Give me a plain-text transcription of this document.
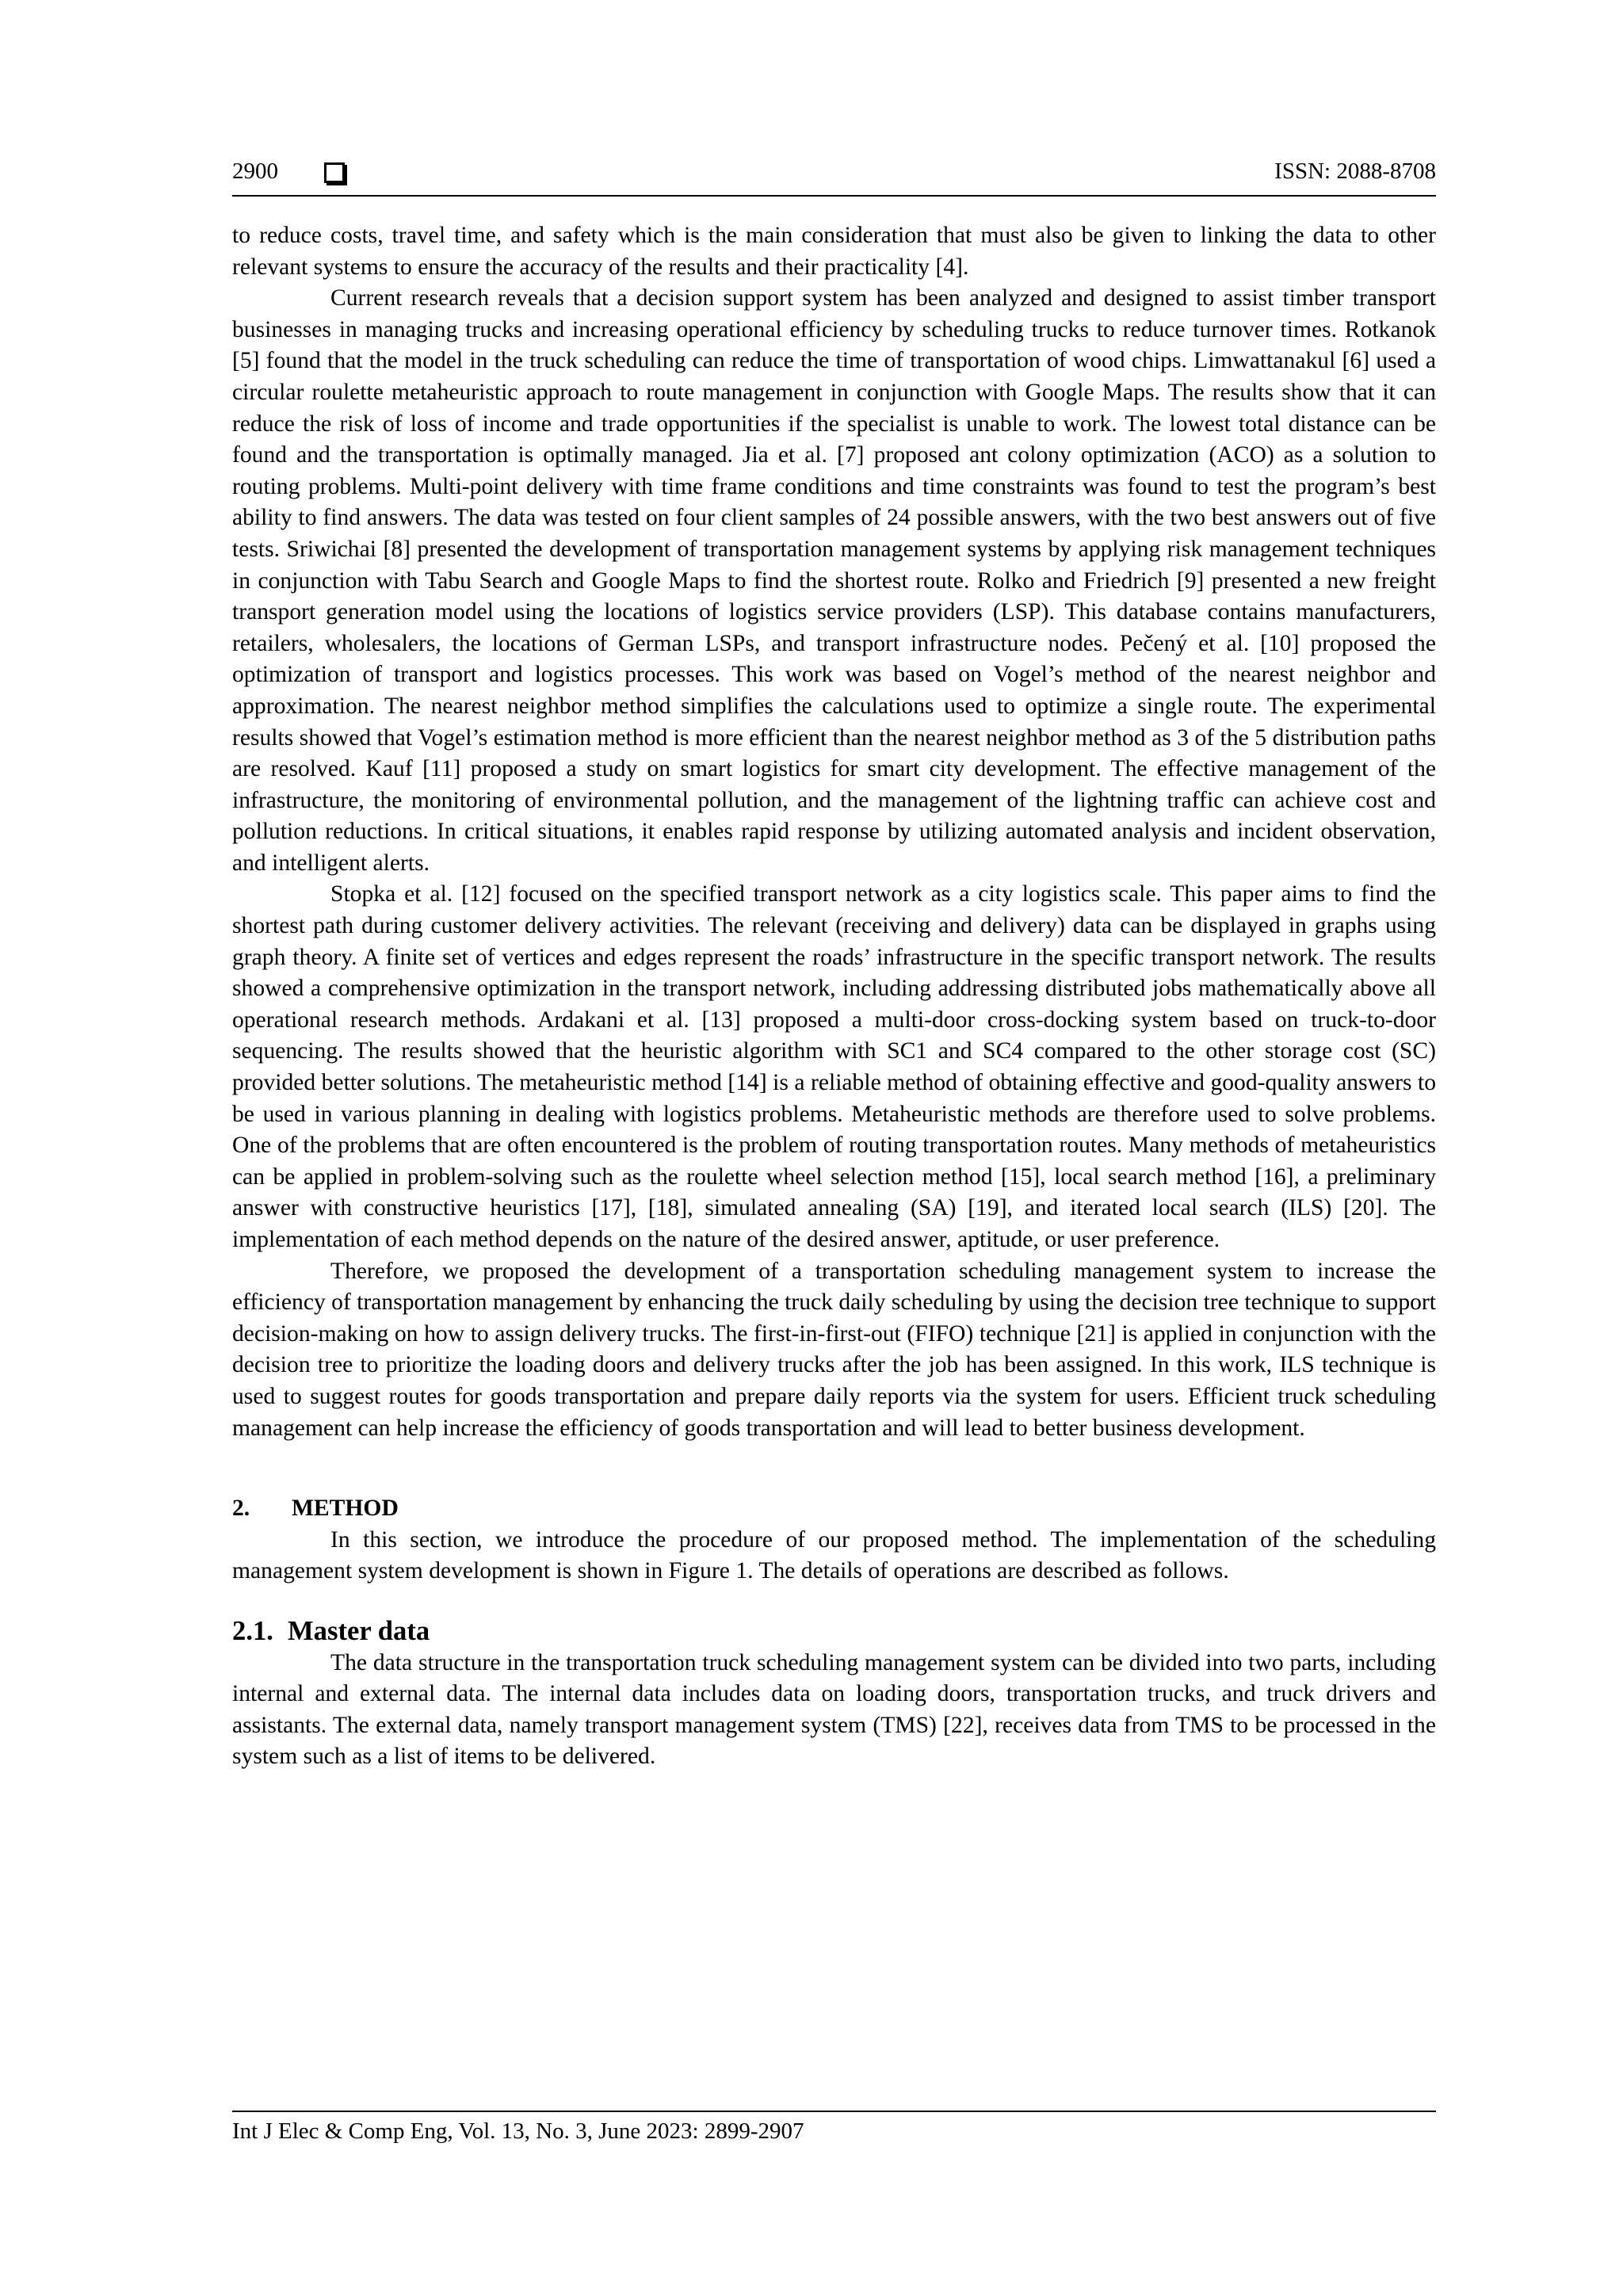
2900	ISSN: 2088-8708

to reduce costs, travel time, and safety which is the main consideration that must also be given to linking the data to other relevant systems to ensure the accuracy of the results and their practicality [4].

Current research reveals that a decision support system has been analyzed and designed to assist timber transport businesses in managing trucks and increasing operational efficiency by scheduling trucks to reduce turnover times. Rotkanok [5] found that the model in the truck scheduling can reduce the time of transportation of wood chips. Limwattanakul [6] used a circular roulette metaheuristic approach to route management in conjunction with Google Maps. The results show that it can reduce the risk of loss of income and trade opportunities if the specialist is unable to work. The lowest total distance can be found and the transportation is optimally managed. Jia et al. [7] proposed ant colony optimization (ACO) as a solution to routing problems. Multi-point delivery with time frame conditions and time constraints was found to test the program’s best ability to find answers. The data was tested on four client samples of 24 possible answers, with the two best answers out of five tests. Sriwichai [8] presented the development of transportation management systems by applying risk management techniques in conjunction with Tabu Search and Google Maps to find the shortest route. Rolko and Friedrich [9] presented a new freight transport generation model using the locations of logistics service providers (LSP). This database contains manufacturers, retailers, wholesalers, the locations of German LSPs, and transport infrastructure nodes. Pečený et al. [10] proposed the optimization of transport and logistics processes. This work was based on Vogel’s method of the nearest neighbor and approximation. The nearest neighbor method simplifies the calculations used to optimize a single route. The experimental results showed that Vogel’s estimation method is more efficient than the nearest neighbor method as 3 of the 5 distribution paths are resolved. Kauf [11] proposed a study on smart logistics for smart city development. The effective management of the infrastructure, the monitoring of environmental pollution, and the management of the lightning traffic can achieve cost and pollution reductions. In critical situations, it enables rapid response by utilizing automated analysis and incident observation, and intelligent alerts.

Stopka et al. [12] focused on the specified transport network as a city logistics scale. This paper aims to find the shortest path during customer delivery activities. The relevant (receiving and delivery) data can be displayed in graphs using graph theory. A finite set of vertices and edges represent the roads’ infrastructure in the specific transport network. The results showed a comprehensive optimization in the transport network, including addressing distributed jobs mathematically above all operational research methods. Ardakani et al. [13] proposed a multi-door cross-docking system based on truck-to-door sequencing. The results showed that the heuristic algorithm with SC1 and SC4 compared to the other storage cost (SC) provided better solutions. The metaheuristic method [14] is a reliable method of obtaining effective and good-quality answers to be used in various planning in dealing with logistics problems. Metaheuristic methods are therefore used to solve problems. One of the problems that are often encountered is the problem of routing transportation routes. Many methods of metaheuristics can be applied in problem-solving such as the roulette wheel selection method [15], local search method [16], a preliminary answer with constructive heuristics [17], [18], simulated annealing (SA) [19], and iterated local search (ILS) [20]. The implementation of each method depends on the nature of the desired answer, aptitude, or user preference.

Therefore, we proposed the development of a transportation scheduling management system to increase the efficiency of transportation management by enhancing the truck daily scheduling by using the decision tree technique to support decision-making on how to assign delivery trucks. The first-in-first-out (FIFO) technique [21] is applied in conjunction with the decision tree to prioritize the loading doors and delivery trucks after the job has been assigned. In this work, ILS technique is used to suggest routes for goods transportation and prepare daily reports via the system for users. Efficient truck scheduling management can help increase the efficiency of goods transportation and will lead to better business development.

2.	METHOD

In this section, we introduce the procedure of our proposed method. The implementation of the scheduling management system development is shown in Figure 1. The details of operations are described as follows.

2.1. Master data

The data structure in the transportation truck scheduling management system can be divided into two parts, including internal and external data. The internal data includes data on loading doors, transportation trucks, and truck drivers and assistants. The external data, namely transport management system (TMS) [22], receives data from TMS to be processed in the system such as a list of items to be delivered.

Int J Elec & Comp Eng, Vol. 13, No. 3, June 2023: 2899-2907
